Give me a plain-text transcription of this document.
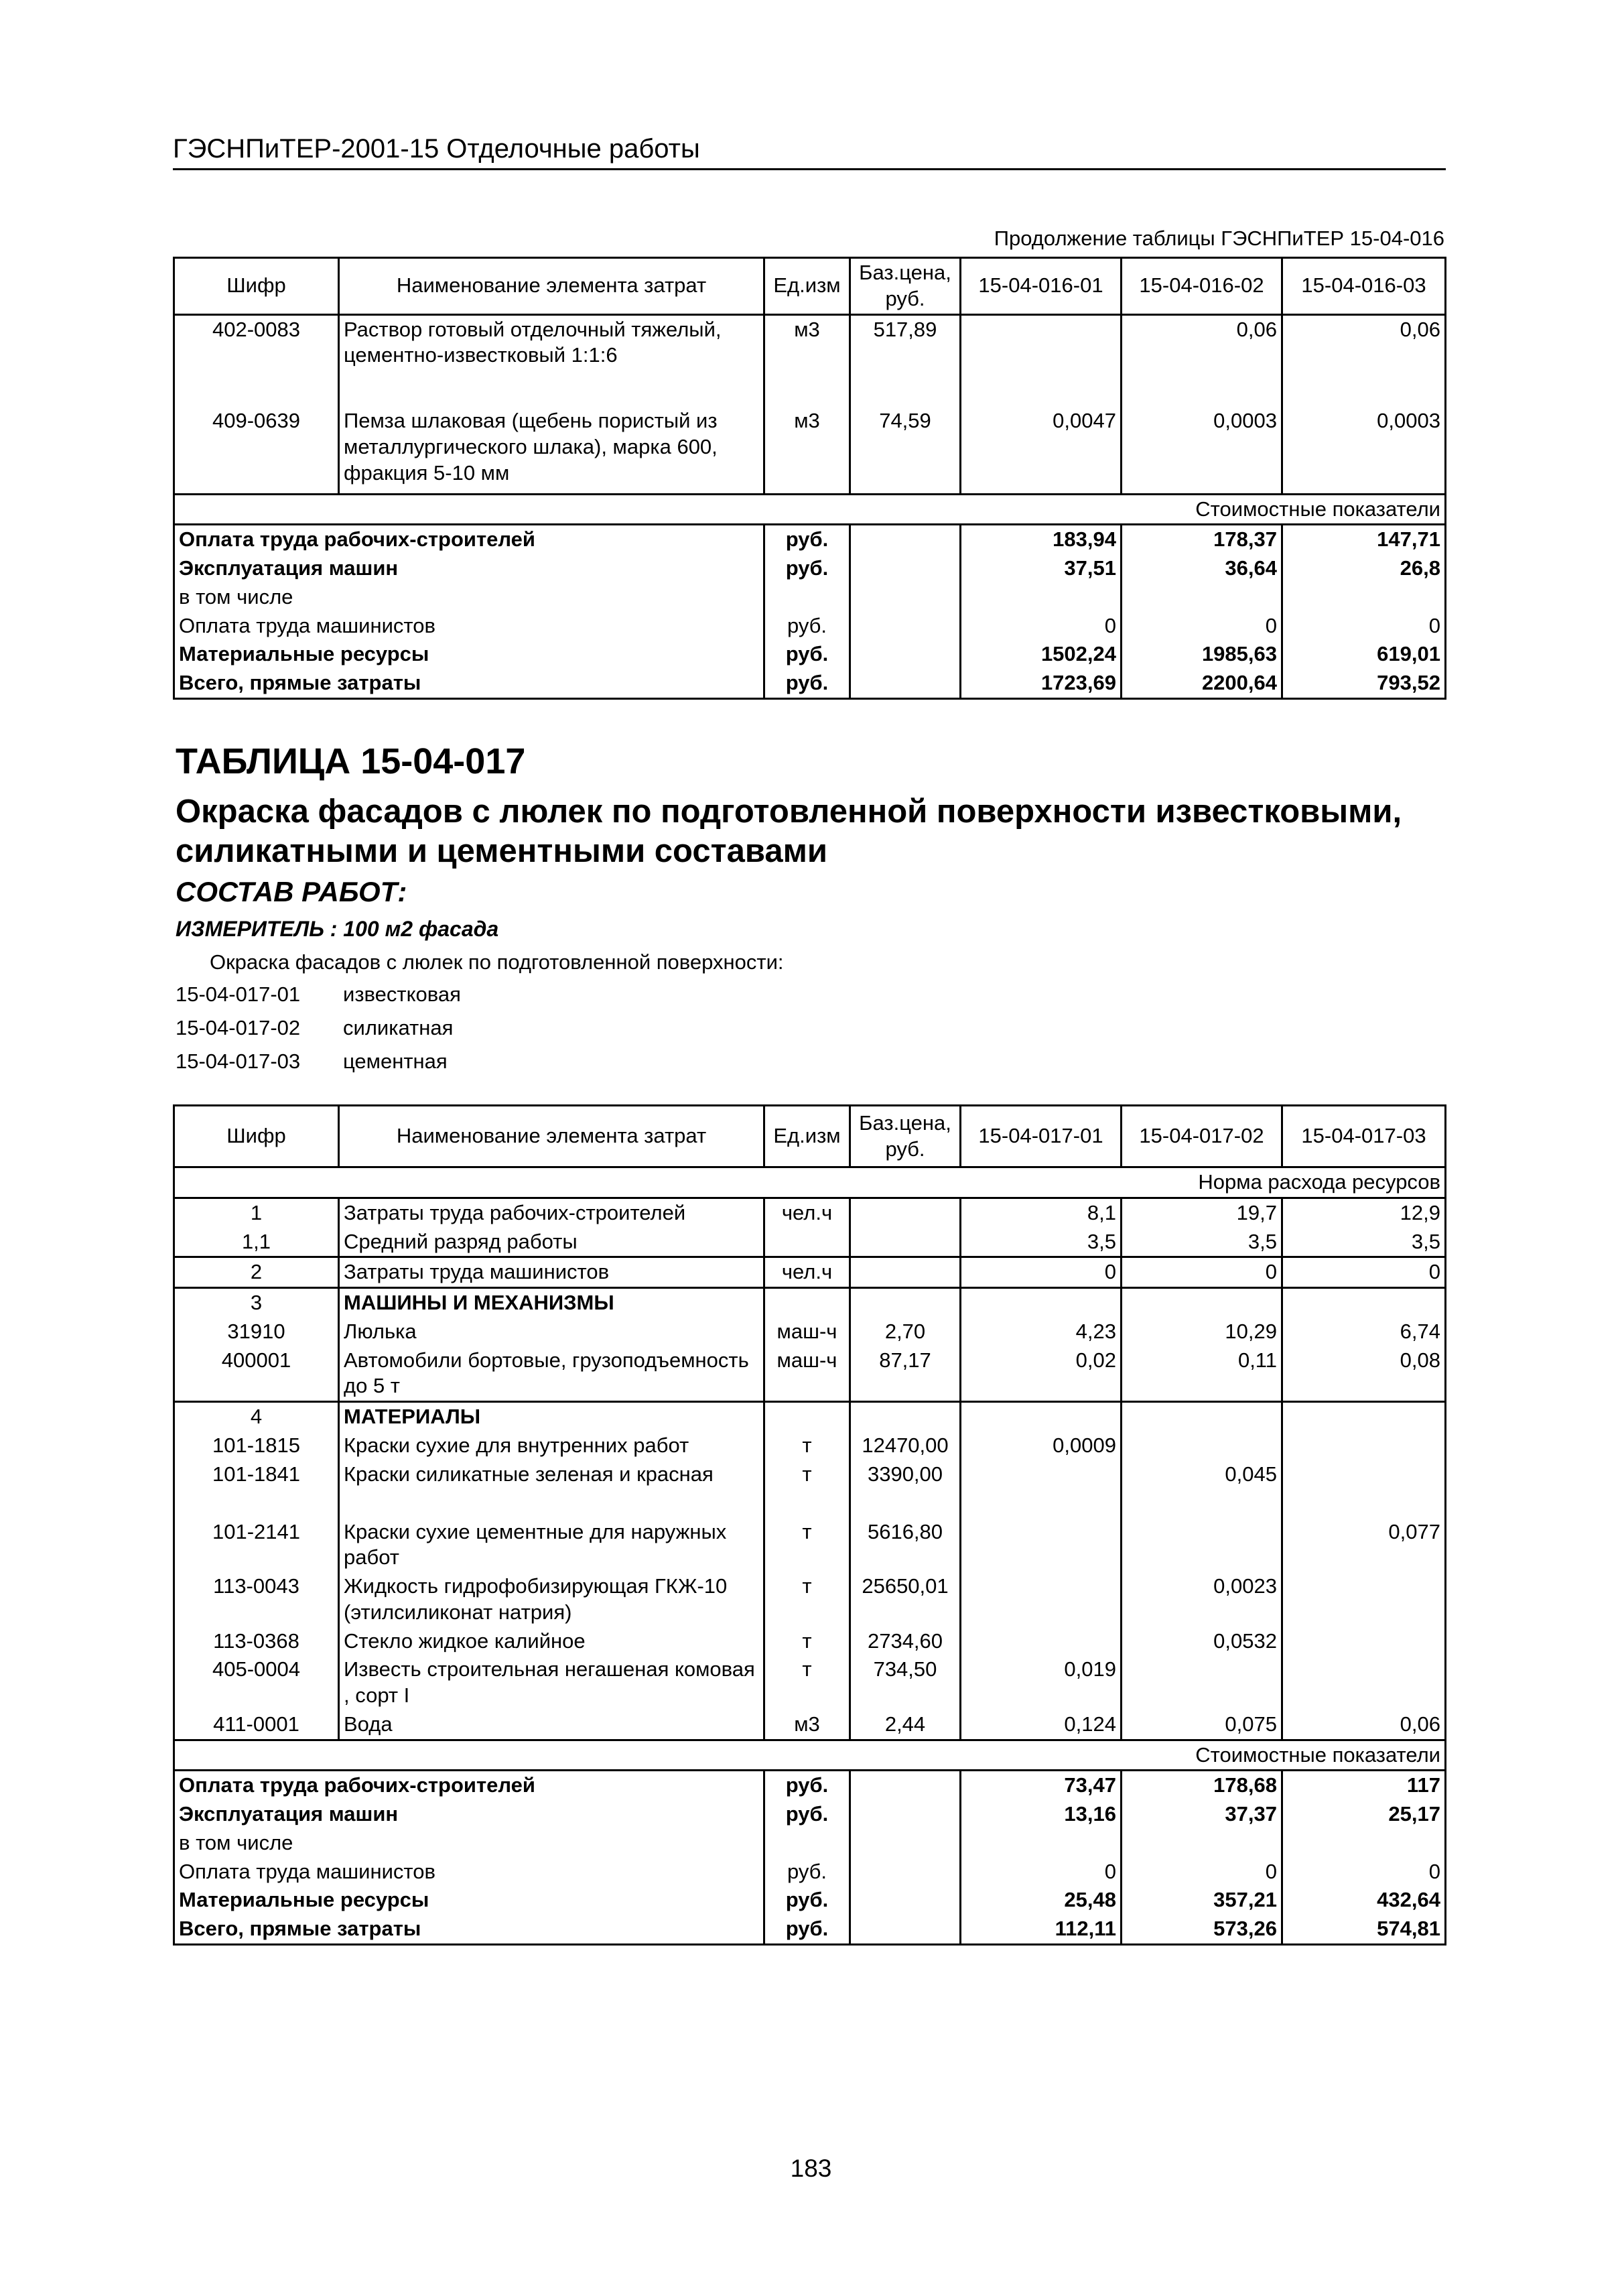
ГЭСНПиТЕР-2001-15 Отделочные работы
Продолжение таблицы ГЭСНПиТЕР 15-04-016
Шифр	Наименование элемента затрат	Ед.изм	Баз.цена, руб.	15-04-016-01	15-04-016-02	15-04-016-03
402-0083	Раствор готовый отделочный тяжелый, цементно-известковый 1:1:6	м3	517,89		0,06	0,06
409-0639	Пемза шлаковая (щебень пористый из металлургического шлака), марка 600, фракция 5-10 мм	м3	74,59	0,0047	0,0003	0,0003
Стоимостные показатели						
Оплата труда рабочих-строителей		руб.		183,94	178,37	147,71
Эксплуатация машин		руб.		37,51	36,64	26,8
в том числе						
Оплата труда машинистов		руб.		0	0	0
Материальные ресурсы		руб.		1502,24	1985,63	619,01
Всего, прямые затраты		руб.		1723,69	2200,64	793,52
ТАБЛИЦА 15-04-017
Окраска фасадов с люлек по подготовленной поверхности известковыми,
силикатными и цементными составами
СОСТАВ РАБОТ:
ИЗМЕРИТЕЛЬ : 100 м2 фасада
Окраска фасадов с люлек по подготовленной поверхности:
15-04-017-01 известковая
15-04-017-02 силикатная
15-04-017-03 цементная
Шифр	Наименование элемента затрат	Ед.изм	Баз.цена, руб.	15-04-017-01	15-04-017-02	15-04-017-03
Норма расхода ресурсов						
1	Затраты труда рабочих-строителей	чел.ч		8,1	19,7	12,9
1,1	Средний разряд работы			3,5	3,5	3,5
2	Затраты труда машинистов	чел.ч		0	0	0
3	МАШИНЫ И МЕХАНИЗМЫ					
31910	Люлька	маш-ч	2,70	4,23	10,29	6,74
400001	Автомобили бортовые, грузоподъемность до 5 т	маш-ч	87,17	0,02	0,11	0,08
4	МАТЕРИАЛЫ					
101-1815	Краски сухие для внутренних работ	т	12470,00	0,0009		
101-1841	Краски силикатные зеленая и красная	т	3390,00		0,045	
101-2141	Краски сухие цементные для наружных работ	т	5616,80			0,077
113-0043	Жидкость гидрофобизирующая ГКЖ-10 (этилсиликонат натрия)	т	25650,01		0,0023	
113-0368	Стекло жидкое калийное	т	2734,60		0,0532	
405-0004	Известь строительная негашеная комовая , сорт I	т	734,50	0,019		
411-0001	Вода	м3	2,44	0,124	0,075	0,06
Стоимостные показатели						
Оплата труда рабочих-строителей		руб.		73,47	178,68	117
Эксплуатация машин		руб.		13,16	37,37	25,17
в том числе						
Оплата труда машинистов		руб.		0	0	0
Материальные ресурсы		руб.		25,48	357,21	432,64
Всего, прямые затраты		руб.		112,11	573,26	574,81
183
